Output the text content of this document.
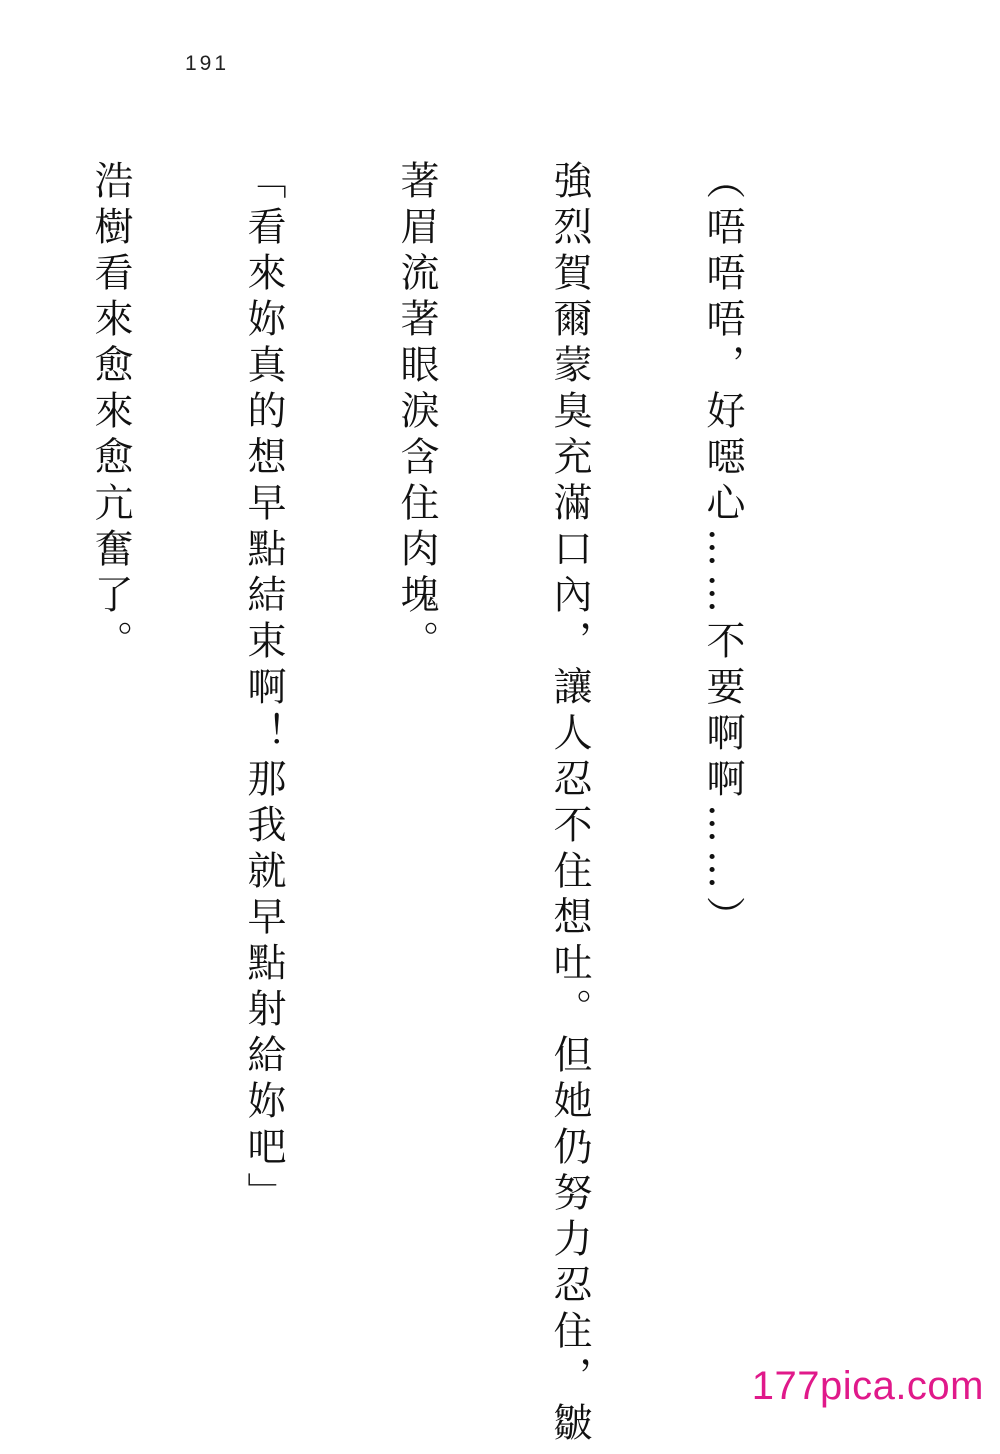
191

（唔唔唔，好噁心……不要啊啊……）

強烈賀爾蒙臭充滿口內，讓人忍不住想吐。但她仍努力忍住，皺

著眉流著眼淚含住肉塊。

「看來妳真的想早點結束啊！那我就早點射給妳吧」

浩樹看來愈來愈亢奮了。

177pica.com
